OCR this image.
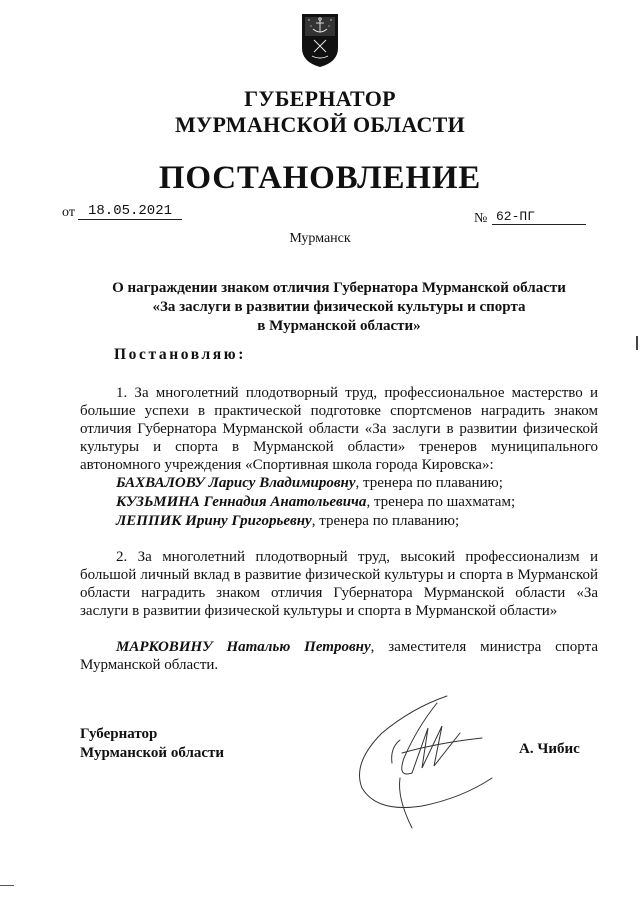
ГУБЕРНАТОР
МУРМАНСКОЙ ОБЛАСТИ
ПОСТАНОВЛЕНИЕ
от 18.05.2021	№ 62-ПГ
Мурманск
О награждении знаком отличия Губернатора Мурманской области
«За заслуги в развитии физической культуры и спорта
в Мурманской области»
Постановляю:
1. За многолетний плодотворный труд, профессиональное мастерство и большие успехи в практической подготовке спортсменов наградить знаком отличия Губернатора Мурманской области «За заслуги в развитии физической культуры и спорта в Мурманской области» тренеров муниципального автономного учреждения «Спортивная школа города Кировска»:
БАХВАЛОВУ Ларису Владимировну, тренера по плаванию;
КУЗЬМИНА Геннадия Анатольевича, тренера по шахматам;
ЛЕППИК Ирину Григорьевну, тренера по плаванию;
2. За многолетний плодотворный труд, высокий профессионализм и большой личный вклад в развитие физической культуры и спорта в Мурманской области наградить знаком отличия Губернатора Мурманской области «За заслуги в развитии физической культуры и спорта в Мурманской области»
МАРКОВИНУ Наталью Петровну, заместителя министра спорта Мурманской области.
Губернатор
Мурманской области	А. Чибис
